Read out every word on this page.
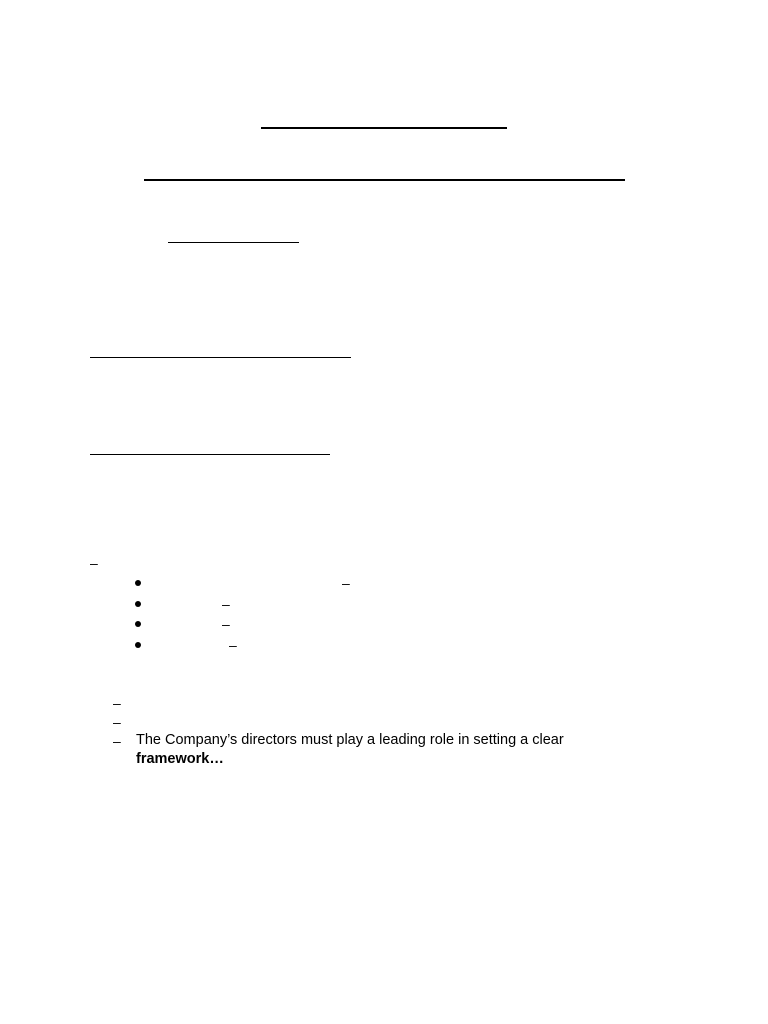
–
–
–
–
–
–
–
– The Company’s directors must play a leading role in setting a clear
framework…
